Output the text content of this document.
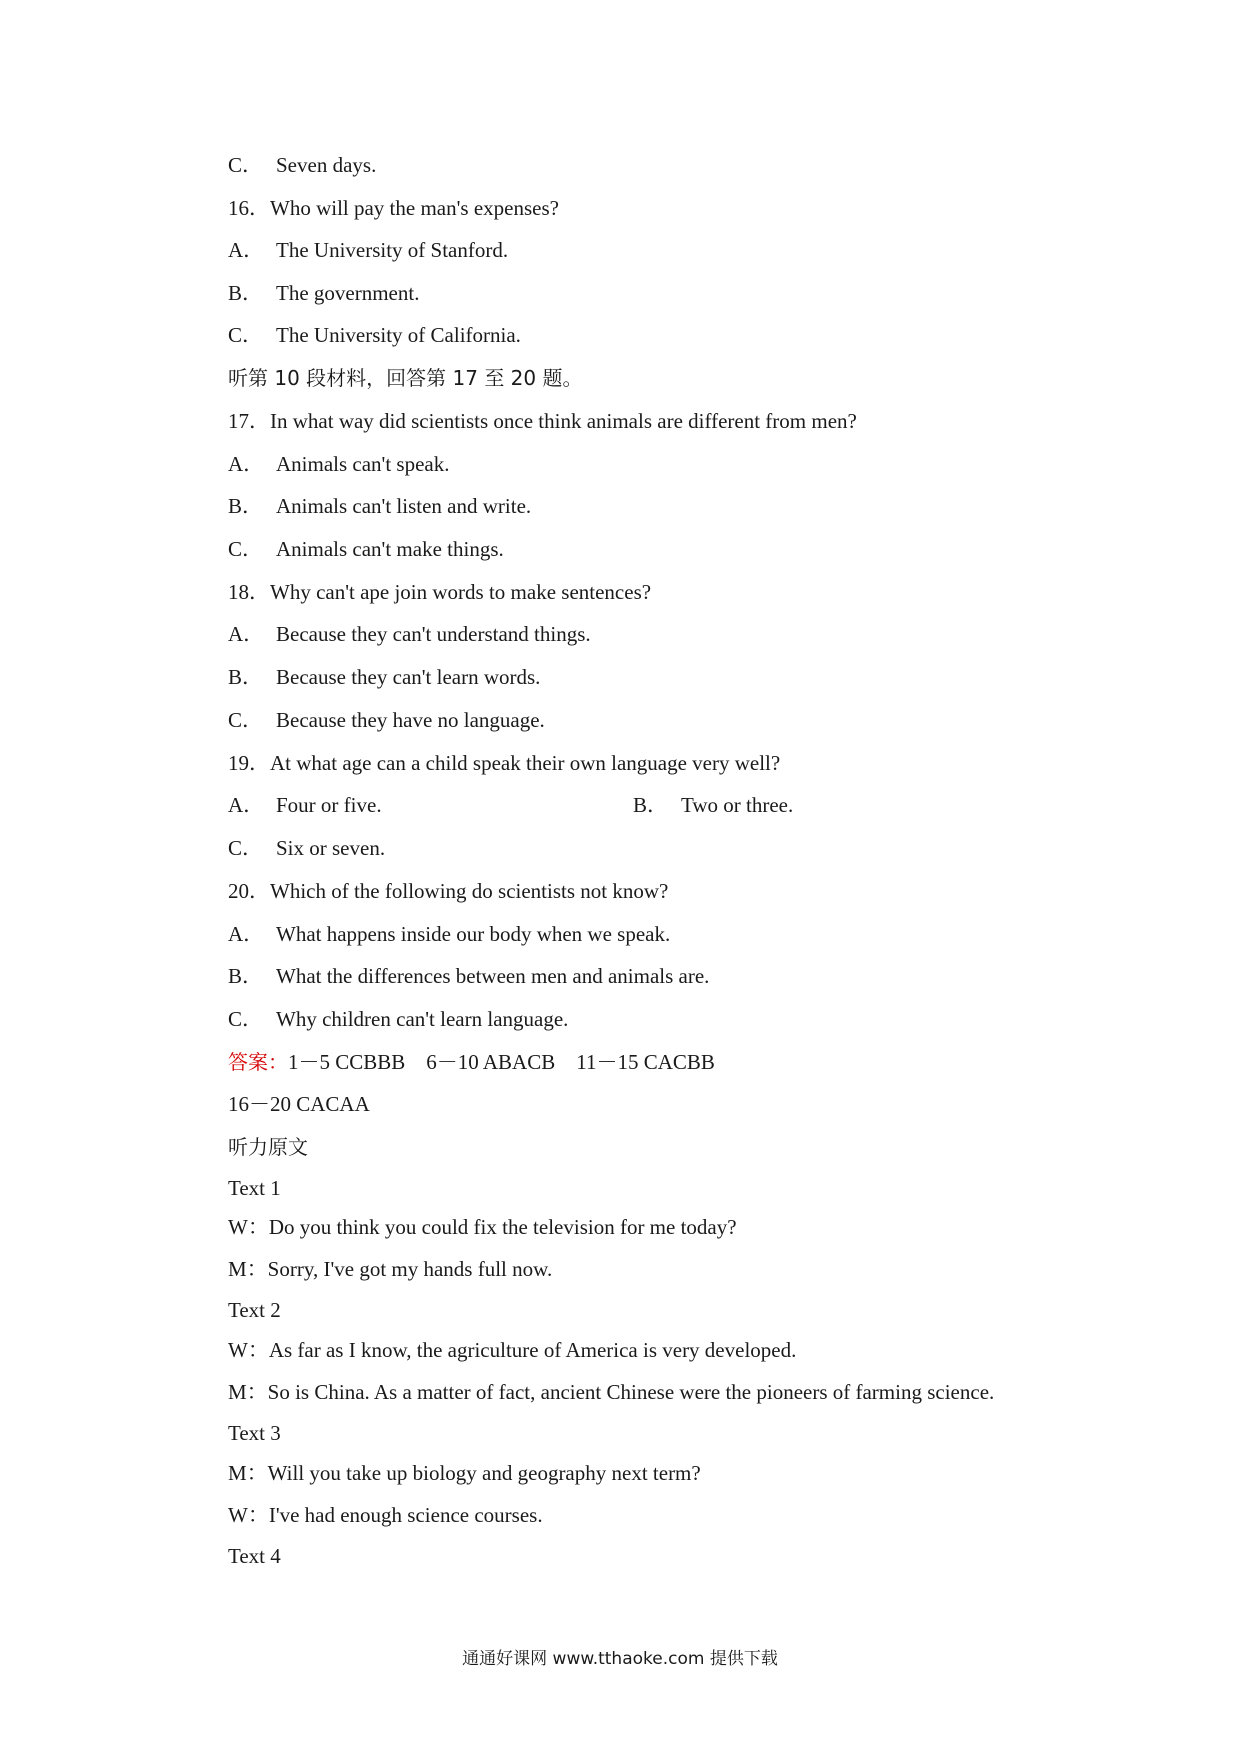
C． Seven days.
16．Who will pay the man's expenses?
A． The University of Stanford.
B． The government.
C． The University of California.
听第 10 段材料，回答第 17 至 20 题。
17．In what way did scientists once think animals are different from men?
A． Animals can't speak.
B． Animals can't listen and write.
C． Animals can't make things.
18．Why can't ape join words to make sentences?
A． Because they can't understand things.
B． Because they can't learn words.
C． Because they have no language.
19．At what age can a child speak their own language very well?
A． Four or five.	B． Two or three.
C． Six or seven.
20．Which of the following do scientists not know?
A． What happens inside our body when we speak.
B． What the differences between men and animals are.
C． Why children can't learn language.
答案：1－5 CCBBB　6－10 ABACB　11－15 CACBB
16－20 CACAA
听力原文
Text 1
W：Do you think you could fix the television for me today?
M：Sorry, I've got my hands full now.
Text 2
W：As far as I know, the agriculture of America is very developed.
M：So is China. As a matter of fact, ancient Chinese were the pioneers of farming science.
Text 3
M：Will you take up biology and geography next term?
W：I've had enough science courses.
Text 4
通通好课网 www.tthaoke.com 提供下载
